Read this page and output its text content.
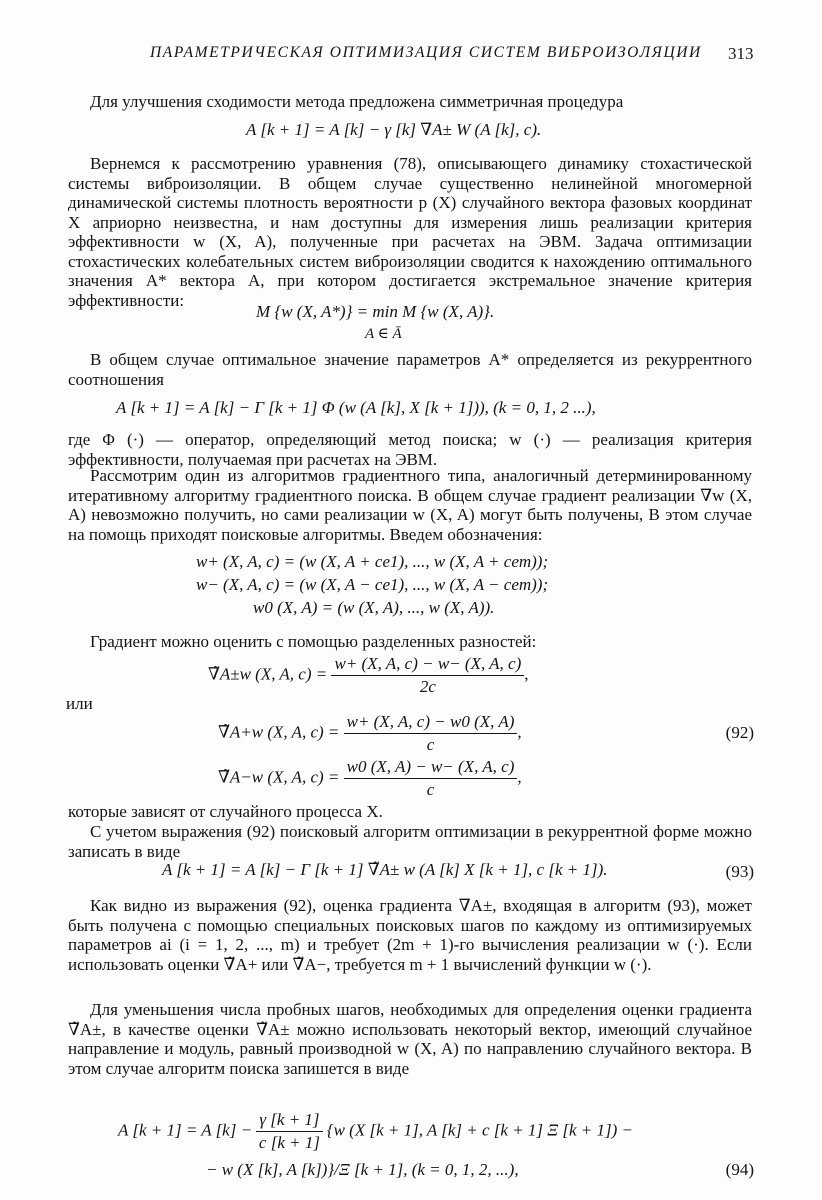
ПАРАМЕТРИЧЕСКАЯ ОПТИМИЗАЦИЯ СИСТЕМ ВИБРОИЗОЛЯЦИИ 313
Для улучшения сходимости метода предложена симметричная процедура
A [k + 1] = A [k] − γ [k] ∇A± W (A [k], c).
Вернемся к рассмотрению уравнения (78), описывающего динамику стохастической системы виброизоляции. В общем случае существенно нелинейной многомерной динамической системы плотность вероятности p (X) случайного вектора фазовых координат X априорно неизвестна, и нам доступны для измерения лишь реализации критерия эффективности w (X, A), полученные при расчетах на ЭВМ. Задача оптимизации стохастических колебательных систем виброизоляции сводится к нахождению оптимального значения A* вектора A, при котором достигается экстремальное значение критерия эффективности:
M {w (X, A*)} = min M {w (X, A)}.
A ∈ Ā
В общем случае оптимальное значение параметров A* определяется из рекуррентного соотношения
A [k + 1] = A [k] − Γ [k + 1] Φ (w (A [k], X [k + 1])), (k = 0, 1, 2 ...),
где Φ (·) — оператор, определяющий метод поиска; w (·) — реализация критерия эффективности, получаемая при расчетах на ЭВМ.
Рассмотрим один из алгоритмов градиентного типа, аналогичный детерминированному итеративному алгоритму градиентного поиска. В общем случае градиент реализации ∇w (X, A) невозможно получить, но сами реализации w (X, A) могут быть получены, В этом случае на помощь приходят поисковые алгоритмы. Введем обозначения:
w+ (X, A, c) = (w (X, A + ce1), ..., w (X, A + cem));
w− (X, A, c) = (w (X, A − ce1), ..., w (X, A − cem));
w0 (X, A) = (w (X, A), ..., w (X, A)).
Градиент можно оценить с помощью разделенных разностей:
∇̃A±w (X, A, $c) = \frac{w+ (X, A, c) - w- (X, A, c)}{2c}$ ,
или
∇̃A+w (X, A, $c) = \frac{w+ (X, A, c) - w0 (X, A)}{c}$ ,	(92)
∇̃A−w (X, A, $c) = \frac{w0 (X, A) - w- (X, A, c)}{c}$ ,
которые зависят от случайного процесса X.
С учетом выражения (92) поисковый алгоритм оптимизации в рекуррентной форме можно записать в виде
A [k + 1] = A [k] − Γ [k + 1] ∇̃A± w (A [k] X [k + 1], c [k + 1]).	(93)
Как видно из выражения (92), оценка градиента ∇A±, входящая в алгоритм (93), может быть получена с помощью специальных поисковых шагов по каждому из оптимизируемых параметров ai (i = 1, 2, ..., m) и требует (2m + 1)-го вычисления реализации w (·). Если использовать оценки ∇̃A+ или ∇̃A−, требуется m + 1 вычислений функции w (·).
Для уменьшения числа пробных шагов, необходимых для определения оценки градиента ∇̃A±, в качестве оценки ∇̃A± можно использовать некоторый вектор, имеющий случайное направление и модуль, равный производной w (X, A) по направлению случайного вектора. В этом случае алгоритм поиска запишется в виде
A [k + 1] = A $[k] - \frac{\gamma [k + 1]}{c [k + 1]} \{w$ (X [k + 1], A [k] + c [k + 1] Ξ [k + 1]) −
− w (X [k], A [k])}/Ξ [k + 1], (k = 0, 1, 2, ...),	(94)
